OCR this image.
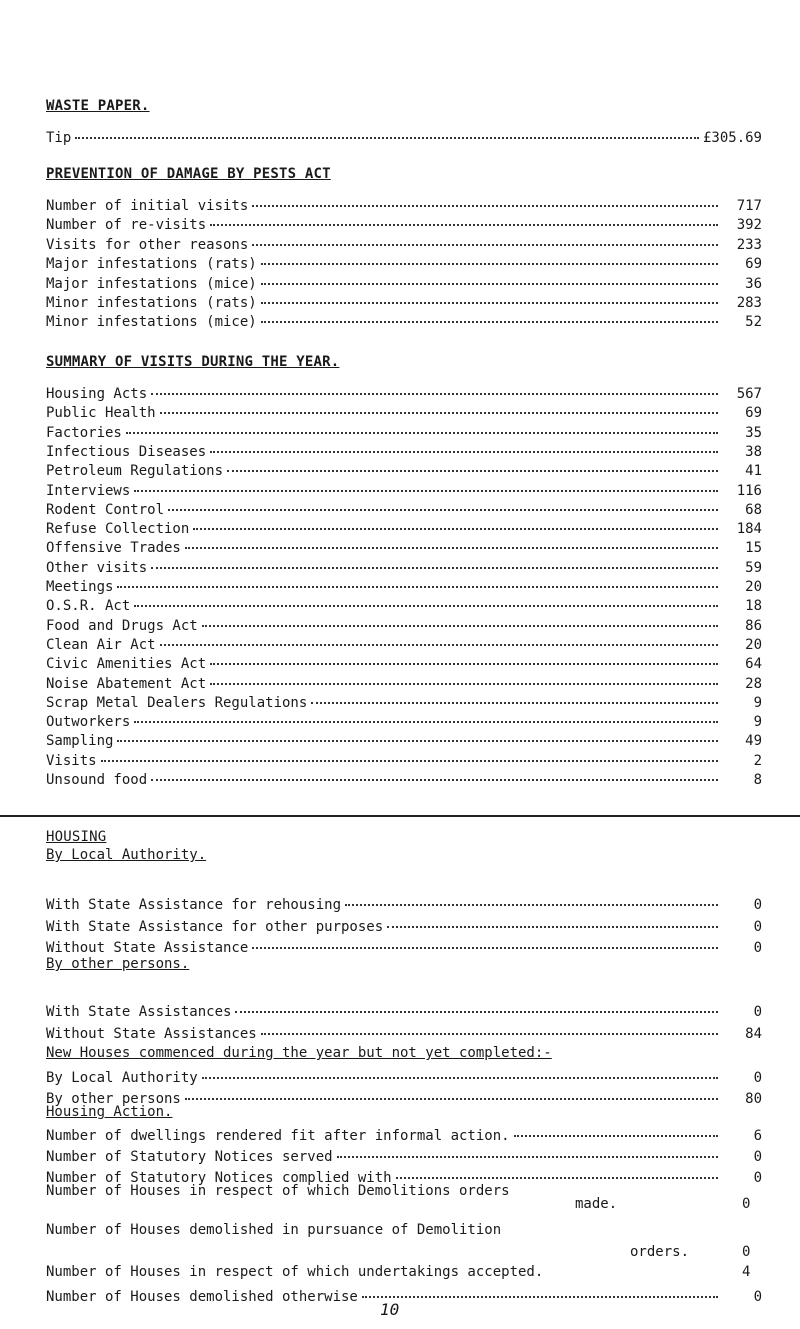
WASTE PAPER.
Tip	£305.69
PREVENTION OF DAMAGE BY PESTS ACT
Number of initial visits	717
Number of re-visits	392
Visits for other reasons	233
Major infestations (rats)	69
Major infestations (mice)	36
Minor infestations (rats)	283
Minor infestations (mice)	52
SUMMARY OF VISITS DURING THE YEAR.
Housing Acts	567
Public Health	69
Factories	35
Infectious Diseases	38
Petroleum Regulations	41
Interviews	116
Rodent Control	68
Refuse Collection	184
Offensive Trades	15
Other visits	59
Meetings	20
O.S.R. Act	18
Food and Drugs Act	86
Clean Air Act	20
Civic Amenities Act	64
Noise Abatement Act	28
Scrap Metal Dealers Regulations	9
Outworkers	9
Sampling	49
Visits	2
Unsound food	8
HOUSING
By Local Authority.
With State Assistance for rehousing	0
With State Assistance for other purposes	0
Without State Assistance	0
By other persons.
With State Assistances	0
Without State Assistances	84
New Houses commenced during the year but not yet completed:-
By Local Authority	0
By other persons	80
Housing Action.
Number of dwellings rendered fit after informal action.	6
Number of Statutory Notices served	0
Number of Statutory Notices complied with	0
Number of Houses in respect of which Demolitions orders
made.	0
Number of Houses demolished in pursuance of Demolition
orders.	0
Number of Houses in respect of which undertakings accepted.	4
Number of Houses demolished otherwise	0
10
